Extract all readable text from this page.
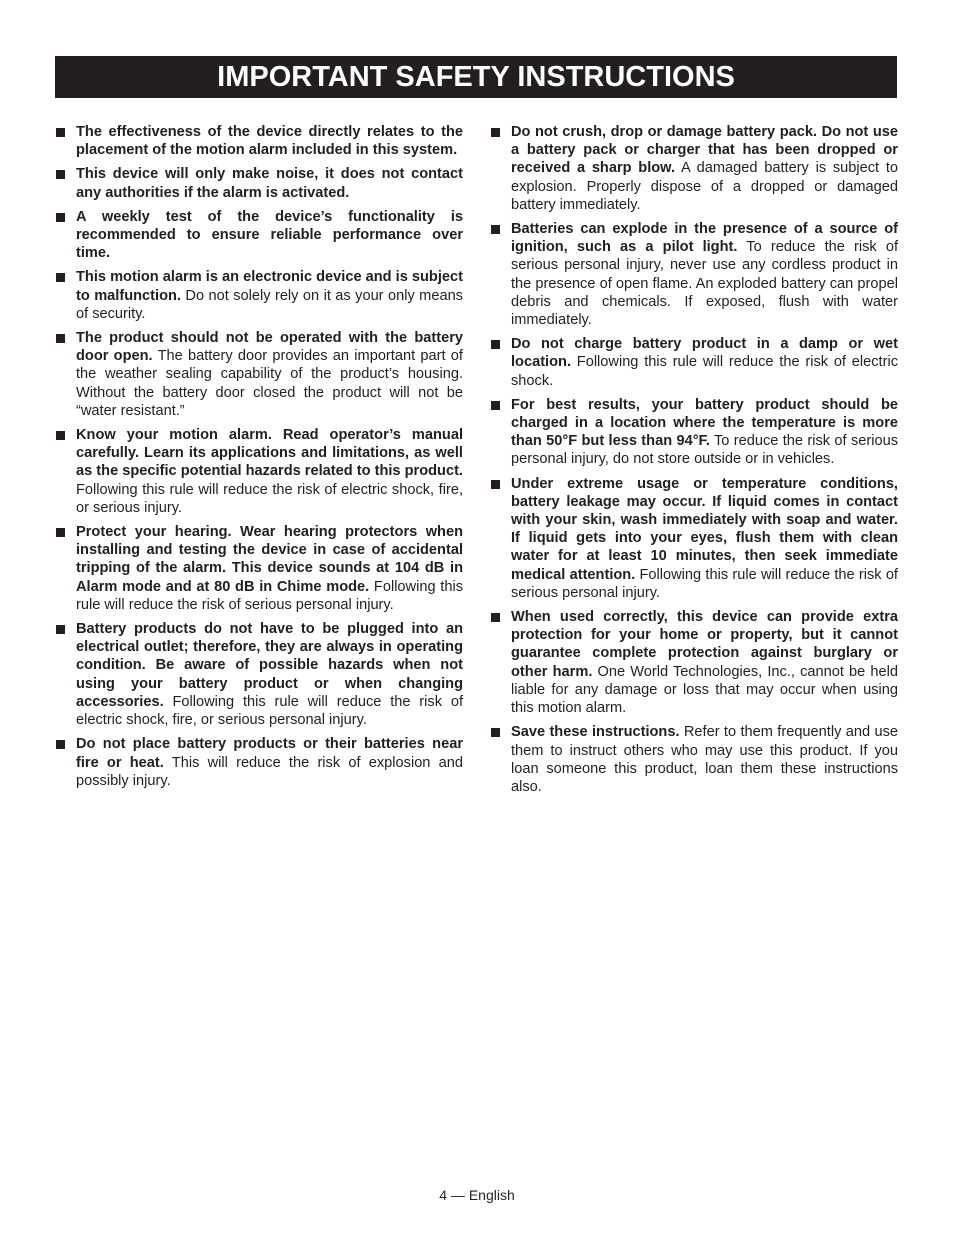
IMPORTANT SAFETY INSTRUCTIONS
The effectiveness of the device directly relates to the placement of the motion alarm included in this system.
This device will only make noise, it does not contact any authorities if the alarm is activated.
A weekly test of the device’s functionality is recommended to ensure reliable performance over time.
This motion alarm is an electronic device and is subject to malfunction. Do not solely rely on it as your only means of security.
The product should not be operated with the battery door open. The battery door provides an important part of the weather sealing capability of the product’s housing. Without the battery door closed the product will not be “water resistant.”
Know your motion alarm. Read operator’s manual carefully. Learn its applications and limitations, as well as the specific potential hazards related to this product. Following this rule will reduce the risk of electric shock, fire, or serious injury.
Protect your hearing. Wear hearing protectors when installing and testing the device in case of accidental tripping of the alarm. This device sounds at 104 dB in Alarm mode and at 80 dB in Chime mode. Following this rule will reduce the risk of serious personal injury.
Battery products do not have to be plugged into an electrical outlet; therefore, they are always in operating condition. Be aware of possible hazards when not using your battery product or when changing accessories. Following this rule will reduce the risk of electric shock, fire, or serious personal injury.
Do not place battery products or their batteries near fire or heat. This will reduce the risk of explosion and possibly injury.
Do not crush, drop or damage battery pack. Do not use a battery pack or charger that has been dropped or received a sharp blow. A damaged battery is subject to explosion. Properly dispose of a dropped or damaged battery immediately.
Batteries can explode in the presence of a source of ignition, such as a pilot light. To reduce the risk of serious personal injury, never use any cordless product in the presence of open flame. An exploded battery can propel debris and chemicals. If exposed, flush with water immediately.
Do not charge battery product in a damp or wet location. Following this rule will reduce the risk of electric shock.
For best results, your battery product should be charged in a location where the temperature is more than 50°F but less than 94°F. To reduce the risk of serious personal injury, do not store outside or in vehicles.
Under extreme usage or temperature conditions, battery leakage may occur. If liquid comes in contact with your skin, wash immediately with soap and water. If liquid gets into your eyes, flush them with clean water for at least 10 minutes, then seek immediate medical attention. Following this rule will reduce the risk of serious personal injury.
When used correctly, this device can provide extra protection for your home or property, but it cannot guarantee complete protection against burglary or other harm. One World Technologies, Inc., cannot be held liable for any damage or loss that may occur when using this motion alarm.
Save these instructions. Refer to them frequently and use them to instruct others who may use this product. If you loan someone this product, loan them these instructions also.
4 — English
